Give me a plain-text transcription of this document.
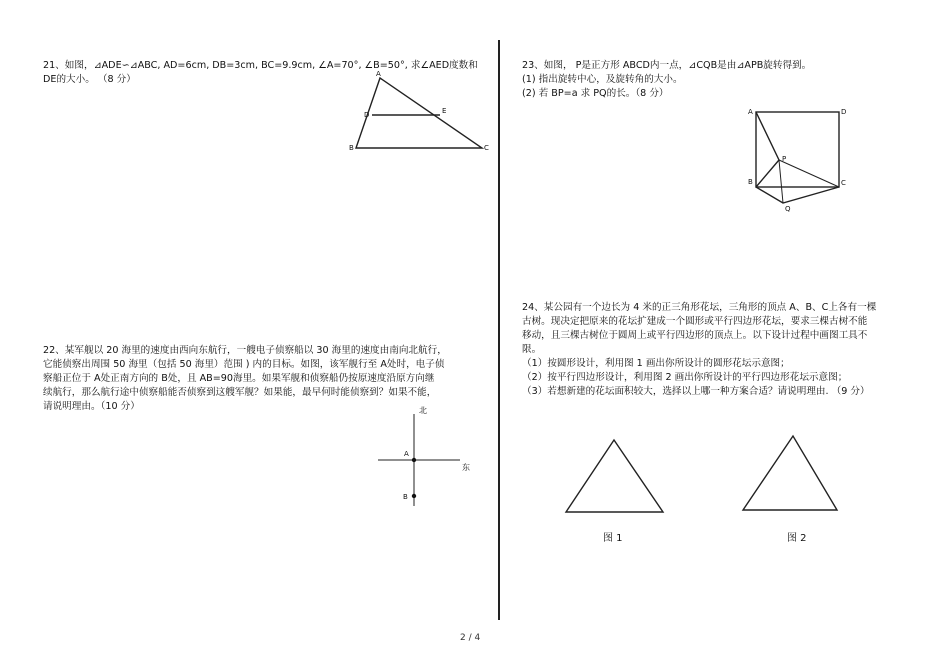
21、如图，⊿ADE∽⊿ABC, AD=6cm, DB=3cm, BC=9.9cm, ∠A=70°, ∠B=50°, 求∠AED度数和
DE的大小。 （8 分）	A
D	E
B	C
22、某军舰以 20 海里的速度由西向东航行，一艘电子侦察船以 30 海里的速度由南向北航行，
它能侦察出周围 50 海里（包括 50 海里）范围 ) 内的目标。如图，该军舰行至 A处时，电子侦
察船正位于 A处正南方向的 B处，且 AB=90海里。如果军舰和侦察船仍按原速度沿原方向继
续航行，那么航行途中侦察船能否侦察到这艘军舰？如果能，最早何时能侦察到？如果不能，
请说明理由。（10 分）	北
东
A
B
23、如图， P是正方形 ABCD内一点，⊿CQB是由⊿APB旋转得到。
(1) 指出旋转中心，及旋转角的大小。
(2) 若 BP=a 求 PQ的长。（8 分）
A	D
P
B	C
Q
24、某公园有一个边长为 4 米的正三角形花坛，三角形的顶点 A、B、C上各有一棵
古树。现决定把原来的花坛扩建成一个圆形或平行四边形花坛，要求三棵古树不能
移动，且三棵古树位于圆周上或平行四边形的顶点上。以下设计过程中画图工具不
限。
（1）按圆形设计，利用图 1 画出你所设计的圆形花坛示意图；
（2）按平行四边形设计，利用图 2 画出你所设计的平行四边形花坛示意图；
（3）若想新建的花坛面积较大，选择以上哪一种方案合适？请说明理由. （9 分）
图 1	图 2
2 / 4
